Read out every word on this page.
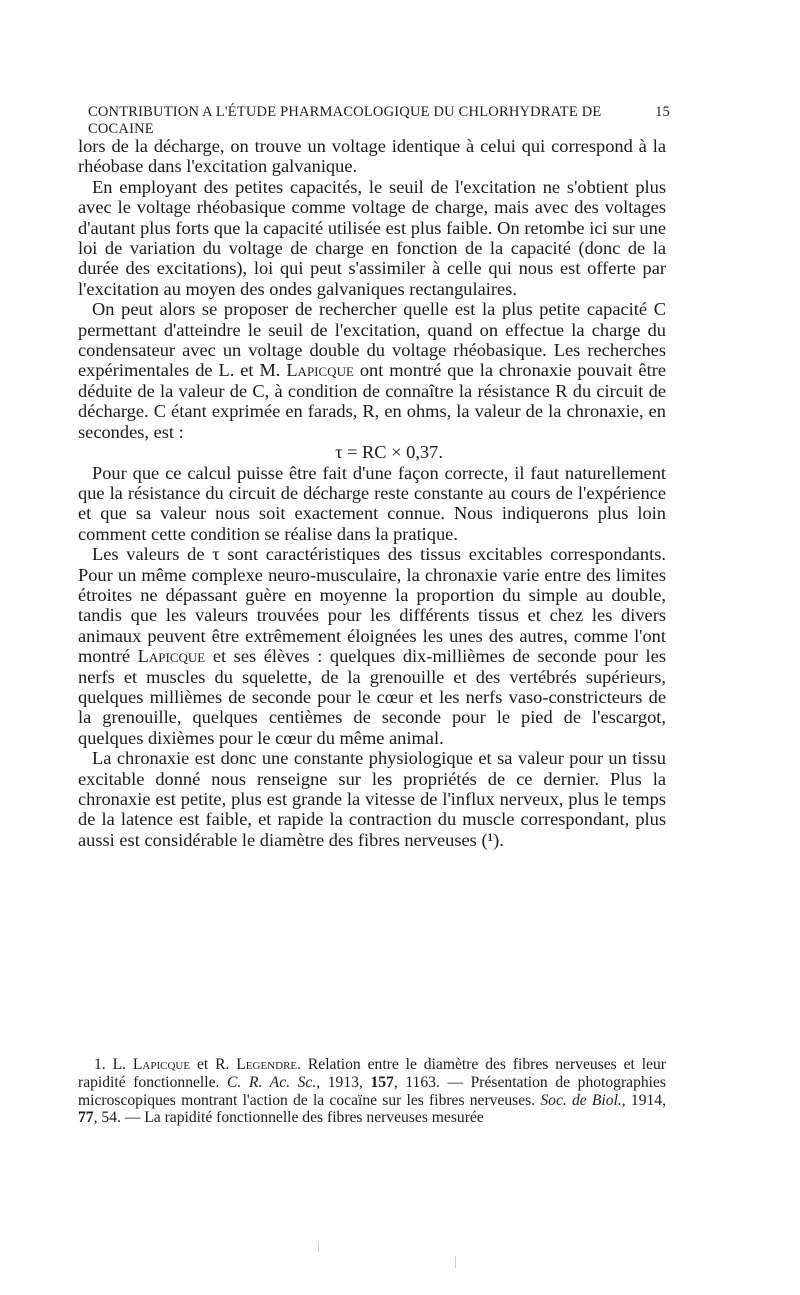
CONTRIBUTION A L'ÉTUDE PHARMACOLOGIQUE DU CHLORHYDRATE DE COCAINE
15

lors de la décharge, on trouve un voltage identique à celui qui correspond à la rhéobase dans l'excitation galvanique.

En employant des petites capacités, le seuil de l'excitation ne s'obtient plus avec le voltage rhéobasique comme voltage de charge, mais avec des voltages d'autant plus forts que la capacité utilisée est plus faible. On retombe ici sur une loi de variation du voltage de charge en fonction de la capacité (donc de la durée des excitations), loi qui peut s'assimiler à celle qui nous est offerte par l'excitation au moyen des ondes galvaniques rectangulaires.

On peut alors se proposer de rechercher quelle est la plus petite capacité C permettant d'atteindre le seuil de l'excitation, quand on effectue la charge du condensateur avec un voltage double du voltage rhéobasique. Les recherches expérimentales de L. et M. Lapicque ont montré que la chronaxie pouvait être déduite de la valeur de C, à condition de connaître la résistance R du circuit de décharge. C étant exprimée en farads, R, en ohms, la valeur de la chronaxie, en secondes, est :

τ = RC × 0,37.

Pour que ce calcul puisse être fait d'une façon correcte, il faut naturellement que la résistance du circuit de décharge reste constante au cours de l'expérience et que sa valeur nous soit exactement connue. Nous indiquerons plus loin comment cette condition se réalise dans la pratique.

Les valeurs de τ sont caractéristiques des tissus excitables correspondants. Pour un même complexe neuro-musculaire, la chronaxie varie entre des limites étroites ne dépassant guère en moyenne la proportion du simple au double, tandis que les valeurs trouvées pour les différents tissus et chez les divers animaux peuvent être extrêmement éloignées les unes des autres, comme l'ont montré Lapicque et ses élèves : quelques dix-millièmes de seconde pour les nerfs et muscles du squelette, de la grenouille et des vertébrés supérieurs, quelques millièmes de seconde pour le cœur et les nerfs vaso-constricteurs de la grenouille, quelques centièmes de seconde pour le pied de l'escargot, quelques dixièmes pour le cœur du même animal.

La chronaxie est donc une constante physiologique et sa valeur pour un tissu excitable donné nous renseigne sur les propriétés de ce dernier. Plus la chronaxie est petite, plus est grande la vitesse de l'influx nerveux, plus le temps de la latence est faible, et rapide la contraction du muscle correspondant, plus aussi est considérable le diamètre des fibres nerveuses (¹).

1. L. Lapicque et R. Legendre. Relation entre le diamètre des fibres nerveuses et leur rapidité fonctionnelle. C. R. Ac. Sc., 1913, 157, 1163. — Présentation de photographies microscopiques montrant l'action de la cocaïne sur les fibres nerveuses. Soc. de Biol., 1914, 77, 54. — La rapidité fonctionnelle des fibres nerveuses mesurée
